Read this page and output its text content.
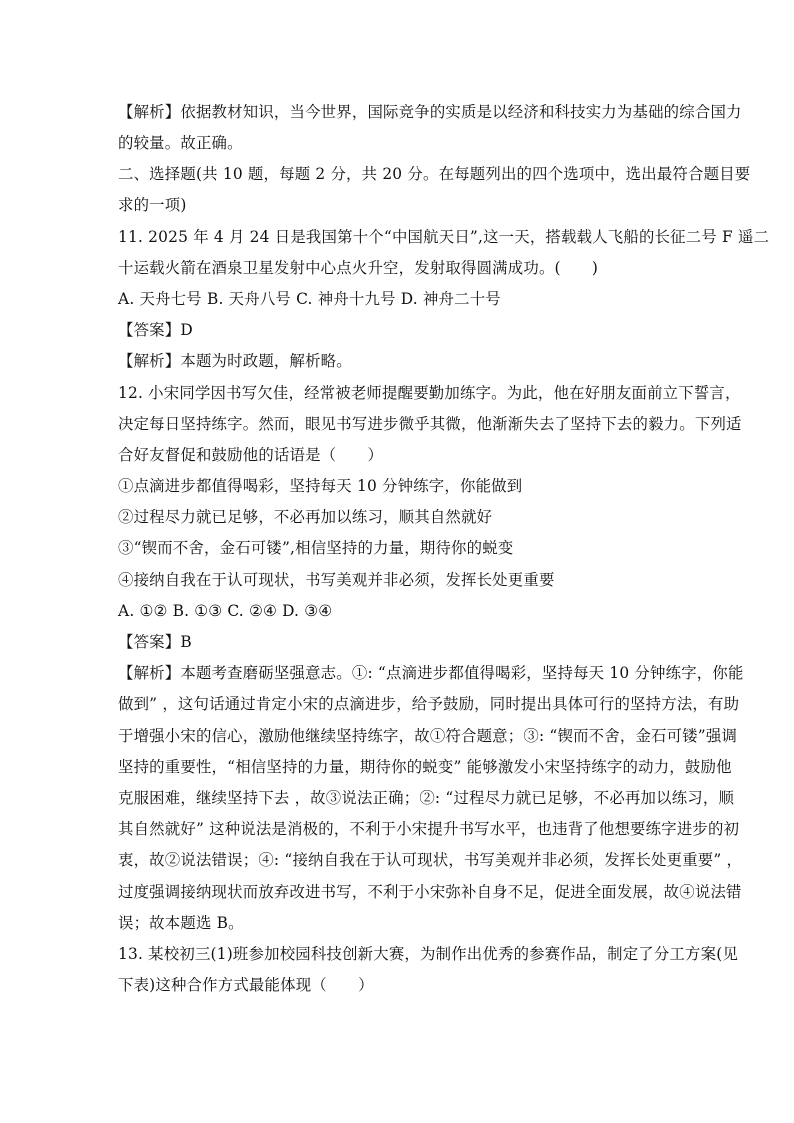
【解析】依据教材知识，当今世界，国际竞争的实质是以经济和科技实力为基础的综合国力

的较量。故正确。

二、选择题(共 10 题，每题 2 分，共 20 分。在每题列出的四个选项中，选出最符合题目要

求的一项)

11. 2025 年 4 月 24 日是我国第十个“中国航天日”,这一天，搭载载人飞船的长征二号 F 遥二

十运载火箭在酒泉卫星发射中心点火升空，发射取得圆满成功。(　　)

A. 天舟七号 B. 天舟八号 C. 神舟十九号 D. 神舟二十号

【答案】D

【解析】本题为时政题，解析略。

12. 小宋同学因书写欠佳，经常被老师提醒要勤加练字。为此，他在好朋友面前立下誓言，

决定每日坚持练字。然而，眼见书写进步微乎其微，他渐渐失去了坚持下去的毅力。下列适

合好友督促和鼓励他的话语是（　　）

①点滴进步都值得喝彩，坚持每天 10 分钟练字，你能做到

②过程尽力就已足够，不必再加以练习，顺其自然就好

③“锲而不舍，金石可镂”,相信坚持的力量，期待你的蜕变

④接纳自我在于认可现状，书写美观并非必须，发挥长处更重要

A. ①② B. ①③ C. ②④ D. ③④

【答案】B

【解析】本题考查磨砺坚强意志。①: “点滴进步都值得喝彩，坚持每天 10 分钟练字，你能

做到” ，这句话通过肯定小宋的点滴进步，给予鼓励，同时提出具体可行的坚持方法，有助

于增强小宋的信心，激励他继续坚持练字，故①符合题意；③: “锲而不舍，金石可镂”强调

坚持的重要性，“相信坚持的力量，期待你的蜕变” 能够激发小宋坚持练字的动力，鼓励他

克服困难，继续坚持下去 ，故③说法正确；②: “过程尽力就已足够，不必再加以练习，顺

其自然就好” 这种说法是消极的，不利于小宋提升书写水平，也违背了他想要练字进步的初

衷，故②说法错误；④: “接纳自我在于认可现状，书写美观并非必须，发挥长处更重要” ，

过度强调接纳现状而放弃改进书写，不利于小宋弥补自身不足，促进全面发展，故④说法错

误；故本题选 B。

13. 某校初三(1)班参加校园科技创新大赛，为制作出优秀的参赛作品，制定了分工方案(见

下表)这种合作方式最能体现（　　）
